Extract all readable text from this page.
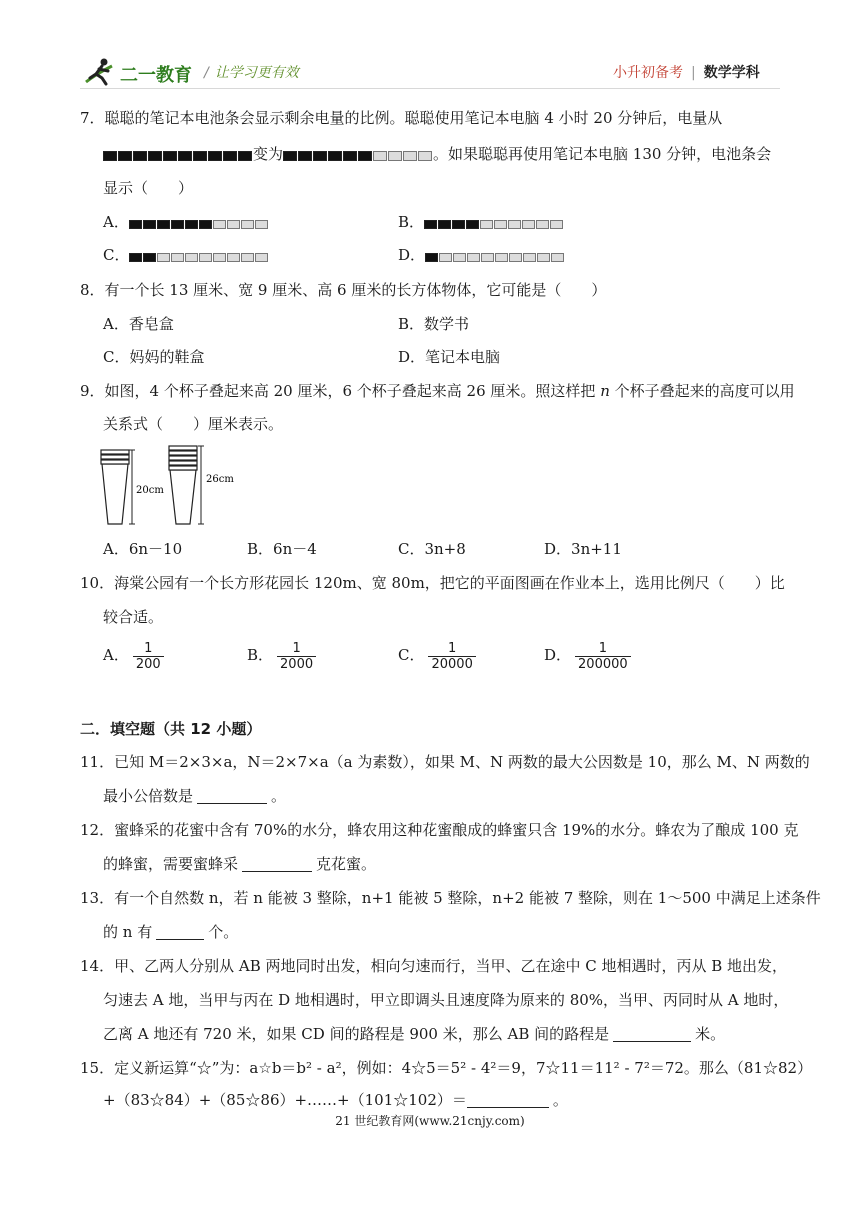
二一教育 / 让学习更有效	小升初备考 | 数学学科
7．聪聪的笔记本电池条会显示剩余电量的比例。聪聪使用笔记本电脑 4 小时 20 分钟后，电量从
变为	。如果聪聪再使用笔记本电脑 130 分钟，电池条会
显示（　　）
A．	B．
C．	D．
8．有一个长 13 厘米、宽 9 厘米、高 6 厘米的长方体物体，它可能是（　　）
A．香皂盒	B．数学书
C．妈妈的鞋盒	D．笔记本电脑
9．如图，4 个杯子叠起来高 20 厘米，6 个杯子叠起来高 26 厘米。照这样把 n 个杯子叠起来的高度可以用
关系式（　　）厘米表示。
20cm
26cm
A．6n－10	B．6n－4	C．3n+8	D．3n+11
10．海棠公园有一个长方形花园长 120m、宽 80m，把它的平面图画在作业本上，选用比例尺（　　）比
较合适。
A． $\frac{1}{200}$	B． $\frac{1}{2000}$	C． $\frac{1}{20000}$	D． $\frac{1}{200000}$
二．填空题（共 12 小题）
11．已知 M＝2×3×a，N＝2×7×a（a 为素数），如果 M、N 两数的最大公因数是 10，那么 M、N 两数的
最小公倍数是	。
12．蜜蜂采的花蜜中含有 70%的水分，蜂农用这种花蜜酿成的蜂蜜只含 19%的水分。蜂农为了酿成 100 克
的蜂蜜，需要蜜蜂采	克花蜜。
13．有一个自然数 n，若 n 能被 3 整除，n+1 能被 5 整除，n+2 能被 7 整除，则在 1～500 中满足上述条件
的 n 有	个。
14．甲、乙两人分别从 AB 两地同时出发，相向匀速而行，当甲、乙在途中 C 地相遇时，丙从 B 地出发，
匀速去 A 地，当甲与丙在 D 地相遇时，甲立即调头且速度降为原来的 80%，当甲、丙同时从 A 地时，
乙离 A 地还有 720 米，如果 CD 间的路程是 900 米，那么 AB 间的路程是	米。
15．定义新运算“☆”为：a☆b＝b² - a²，例如：4☆5＝5² - 4²＝9，7☆11＝11² - 7²＝72。那么（81☆82）
+（83☆84）+（85☆86）+……+（101☆102）＝	。
21 世纪教育网(www.21cnjy.com)
